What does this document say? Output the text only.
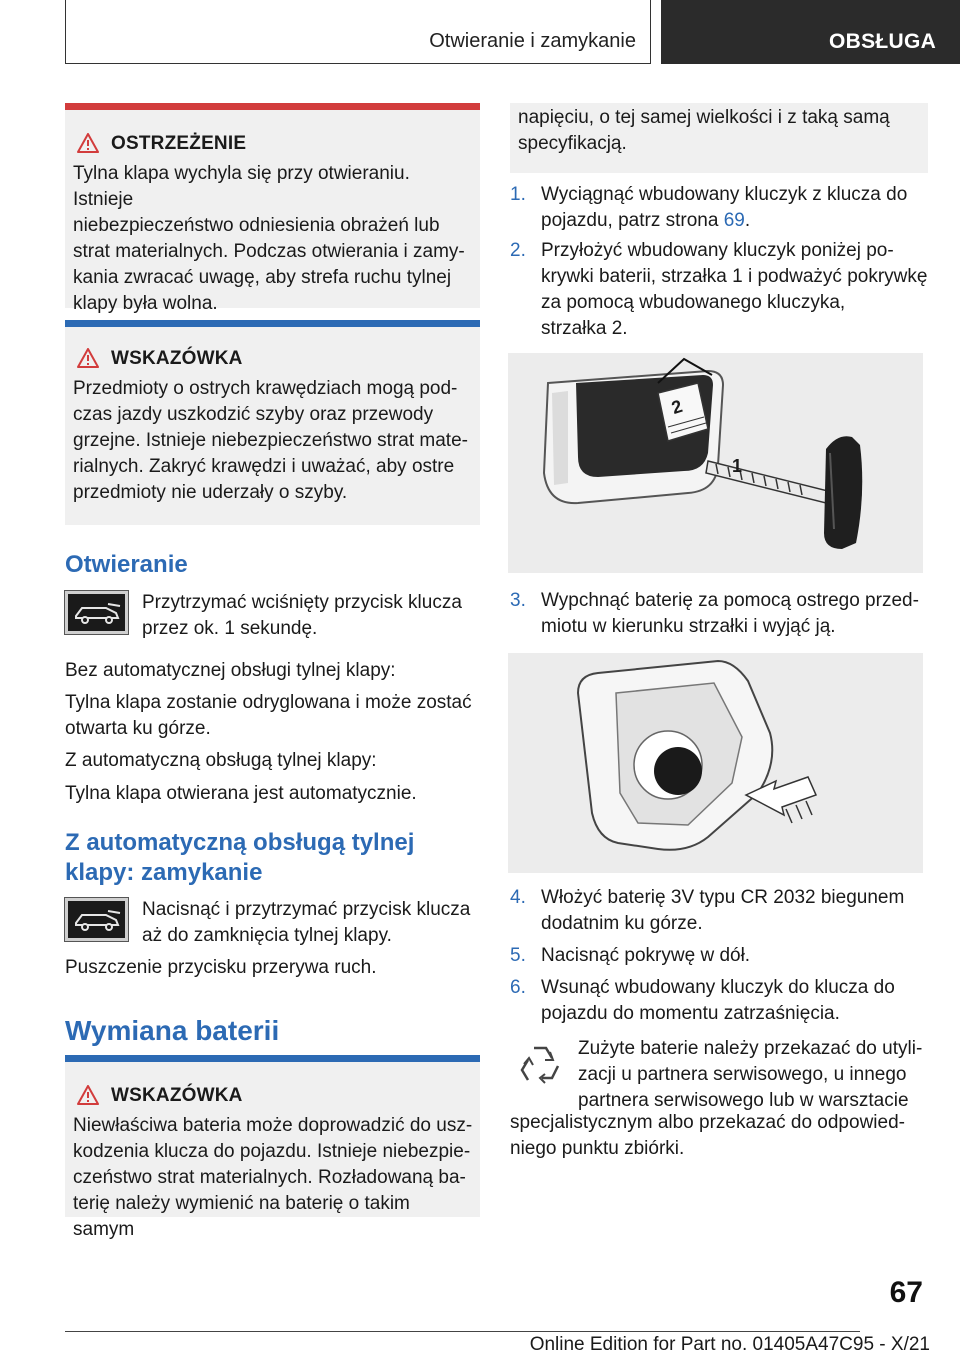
Otwieranie i zamykanie	OBSŁUGA
OSTRZEŻENIE
Tylna klapa wychyla się przy otwieraniu. Istnieje
niebezpieczeństwo odniesienia obrażeń lub
strat materialnych. Podczas otwierania i zamy-
kania zwracać uwagę, aby strefa ruchu tylnej
klapy była wolna.
WSKAZÓWKA
Przedmioty o ostrych krawędziach mogą pod-
czas jazdy uszkodzić szyby oraz przewody
grzejne. Istnieje niebezpieczeństwo strat mate-
rialnych. Zakryć krawędzi i uważać, aby ostre
przedmioty nie uderzały o szyby.
Otwieranie
Przytrzymać wciśnięty przycisk klucza
przez ok. 1 sekundę.
Bez automatycznej obsługi tylnej klapy:
Tylna klapa zostanie odryglowana i może zostać
otwarta ku górze.
Z automatyczną obsługą tylnej klapy:
Tylna klapa otwierana jest automatycznie.
Z automatyczną obsługą tylnej
klapy: zamykanie
Nacisnąć i przytrzymać przycisk klucza
aż do zamknięcia tylnej klapy.
Puszczenie przycisku przerywa ruch.
Wymiana baterii
WSKAZÓWKA
Niewłaściwa bateria może doprowadzić do usz-
kodzenia klucza do pojazdu. Istnieje niebezpie-
czeństwo strat materialnych. Rozładowaną ba-
terię należy wymienić na baterię o takim samym
napięciu, o tej samej wielkości i z taką samą
specyfikacją.
1. Wyciągnąć wbudowany kluczyk z klucza do
pojazdu, patrz strona 69.
2. Przyłożyć wbudowany kluczyk poniżej po-
krywki baterii, strzałka 1 i podważyć pokrywkę
za pomocą wbudowanego kluczyka,
strzałka 2.
2
1
3. Wypchnąć baterię za pomocą ostrego przed-
miotu w kierunku strzałki i wyjąć ją.
4. Włożyć baterię 3V typu CR 2032 biegunem
dodatnim ku górze.
5. Nacisnąć pokrywę w dół.
6. Wsunąć wbudowany kluczyk do klucza do
pojazdu do momentu zatrzaśnięcia.
Zużyte baterie należy przekazać do utyli-
zacji u partnera serwisowego, u innego
partnera serwisowego lub w warsztacie
specjalistycznym albo przekazać do odpowied-
niego punktu zbiórki.
67
Online Edition for Part no. 01405A47C95 - X/21
